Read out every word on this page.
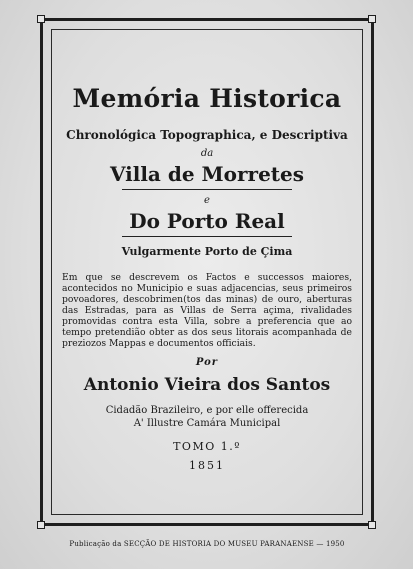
Memória Historica
Chronológica Topographica, e Descriptiva
da
Villa de Morretes
e
Do Porto Real
Vulgarmente Porto de Çima
Em que se descrevem os Factos e successos maiores, acontecidos no Municipio e suas adjacencias, seus primeiros povoadores, descobrimen(tos das minas) de ouro, aberturas das Estradas, para as Villas de Serra açima, rivalidades promovidas contra esta Villa, sobre a preferencia que ao tempo pretendião obter as dos seus litorais acompanhada de preziozos Mappas e documentos officiais.
Por
Antonio Vieira dos Santos
Cidadão Brazileiro, e por elle offerecida
A' Illustre Camára Municipal
TOMO 1.º
1851
Publicação da SECÇÃO DE HISTORIA DO MUSEU PARANAENSE — 1950
